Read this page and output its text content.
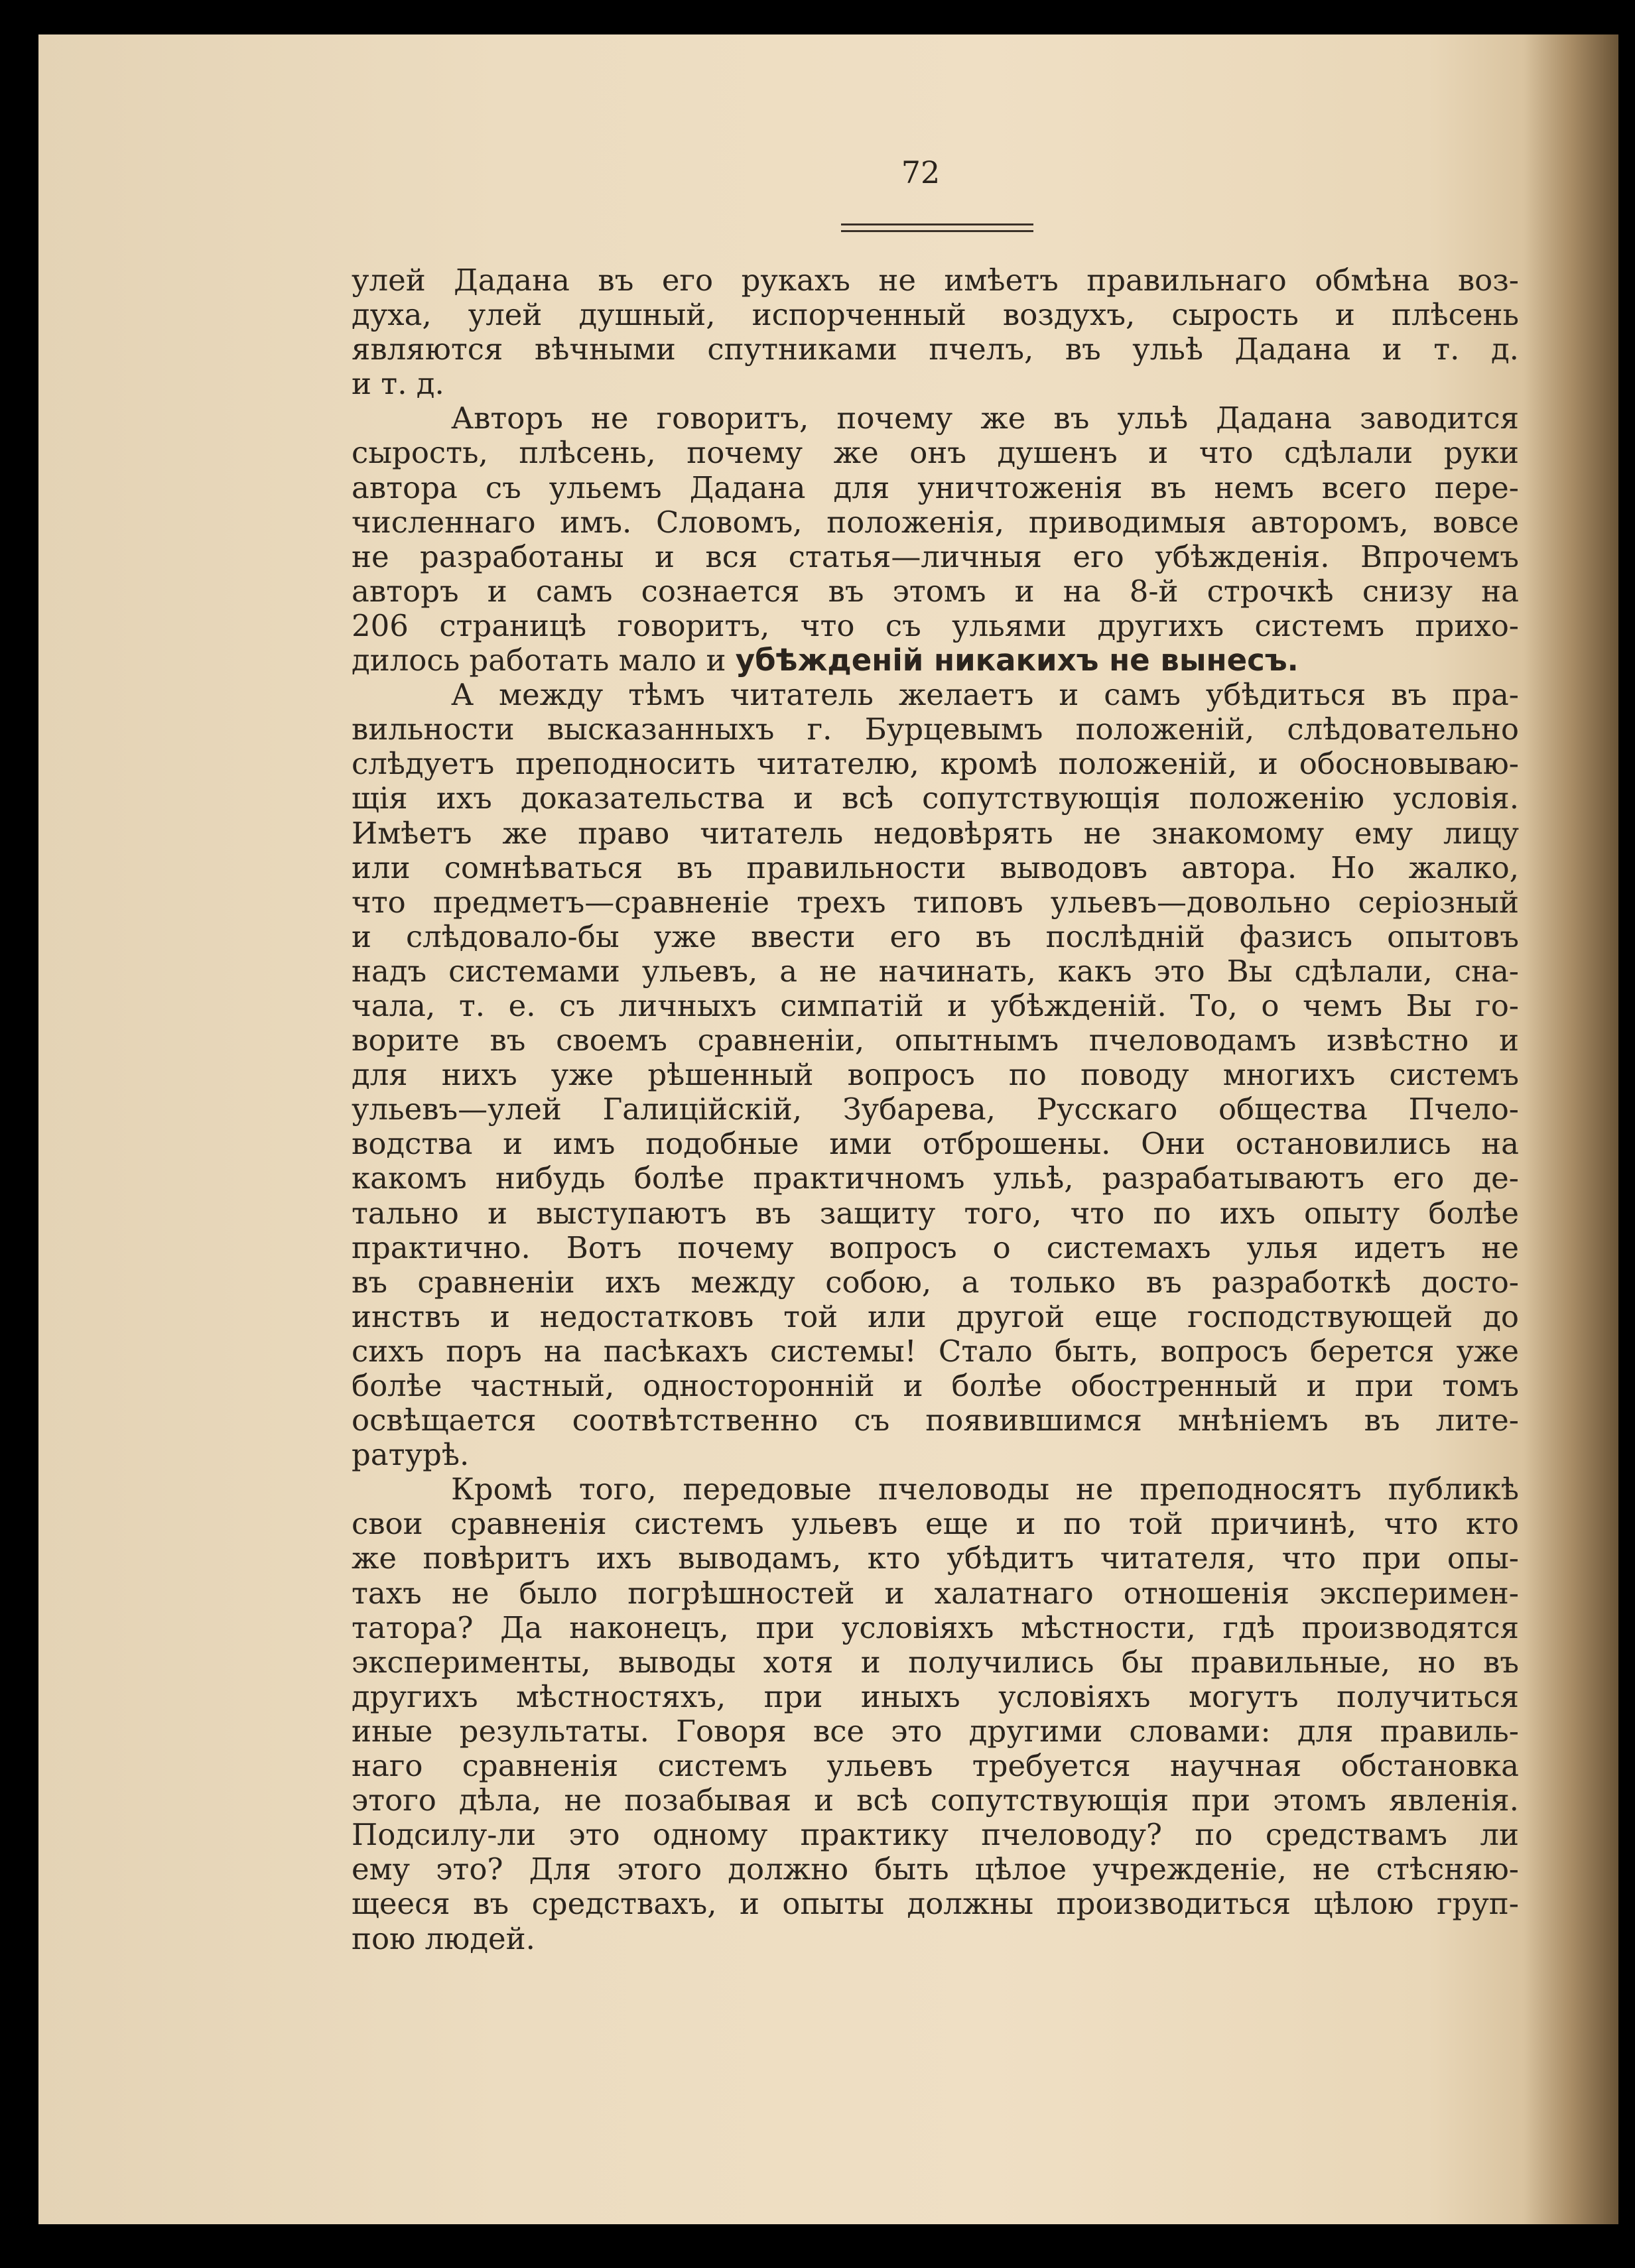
72
улей Дадана въ его рукахъ не имѣетъ правильнаго обмѣна воз-
духа, улей душный, испорченный воздухъ, сырость и плѣсень
являются вѣчными спутниками пчелъ, въ ульѣ Дадана и т. д.
и т. д.
Авторъ не говоритъ, почему же въ ульѣ Дадана заводится
сырость, плѣсень, почему же онъ душенъ и что сдѣлали руки
автора съ ульемъ Дадана для уничтоженія въ немъ всего пере-
численнаго имъ. Словомъ, положенія, приводимыя авторомъ, вовсе
не разработаны и вся статья—личныя его убѣжденія. Впрочемъ
авторъ и самъ сознается въ этомъ и на 8-й строчкѣ снизу на
206 страницѣ говоритъ, что съ ульями другихъ системъ прихо-
дилось работать мало и убѣжденій никакихъ не вынесъ.
А между тѣмъ читатель желаетъ и самъ убѣдиться въ пра-
вильности высказанныхъ г. Бурцевымъ положеній, слѣдовательно
слѣдуетъ преподносить читателю, кромѣ положеній, и обосновываю-
щія ихъ доказательства и всѣ сопутствующія положенію условія.
Имѣетъ же право читатель недовѣрять не знакомому ему лицу
или сомнѣваться въ правильности выводовъ автора. Но жалко,
что предметъ—сравненіе трехъ типовъ ульевъ—довольно серіозный
и слѣдовало-бы уже ввести его въ послѣдній фазисъ опытовъ
надъ системами ульевъ, а не начинать, какъ это Вы сдѣлали, сна-
чала, т. е. съ личныхъ симпатій и убѣжденій. То, о чемъ Вы го-
ворите въ своемъ сравненіи, опытнымъ пчеловодамъ извѣстно и
для нихъ уже рѣшенный вопросъ по поводу многихъ системъ
ульевъ—улей Галиційскій, Зубарева, Русскаго общества Пчело-
водства и имъ подобные ими отброшены. Они остановились на
какомъ нибудь болѣе практичномъ ульѣ, разрабатываютъ его де-
тально и выступаютъ въ защиту того, что по ихъ опыту болѣе
практично. Вотъ почему вопросъ о системахъ улья идетъ не
въ сравненіи ихъ между собою, а только въ разработкѣ досто-
инствъ и недостатковъ той или другой еще господствующей до
сихъ поръ на пасѣкахъ системы! Стало быть, вопросъ берется уже
болѣе частный, односторонній и болѣе обостренный и при томъ
освѣщается соотвѣтственно съ появившимся мнѣніемъ въ лите-
ратурѣ.
Кромѣ того, передовые пчеловоды не преподносятъ публикѣ
свои сравненія системъ ульевъ еще и по той причинѣ, что кто
же повѣритъ ихъ выводамъ, кто убѣдитъ читателя, что при опы-
тахъ не было погрѣшностей и халатнаго отношенія эксперимен-
татора? Да наконецъ, при условіяхъ мѣстности, гдѣ производятся
эксперименты, выводы хотя и получились бы правильные, но въ
другихъ мѣстностяхъ, при иныхъ условіяхъ могутъ получиться
иные результаты. Говоря все это другими словами: для правиль-
наго сравненія системъ ульевъ требуется научная обстановка
этого дѣла, не позабывая и всѣ сопутствующія при этомъ явленія.
Подсилу-ли это одному практику пчеловоду? по средствамъ ли
ему это? Для этого должно быть цѣлое учрежденіе, не стѣсняю-
щееся въ средствахъ, и опыты должны производиться цѣлою груп-
пою людей.
